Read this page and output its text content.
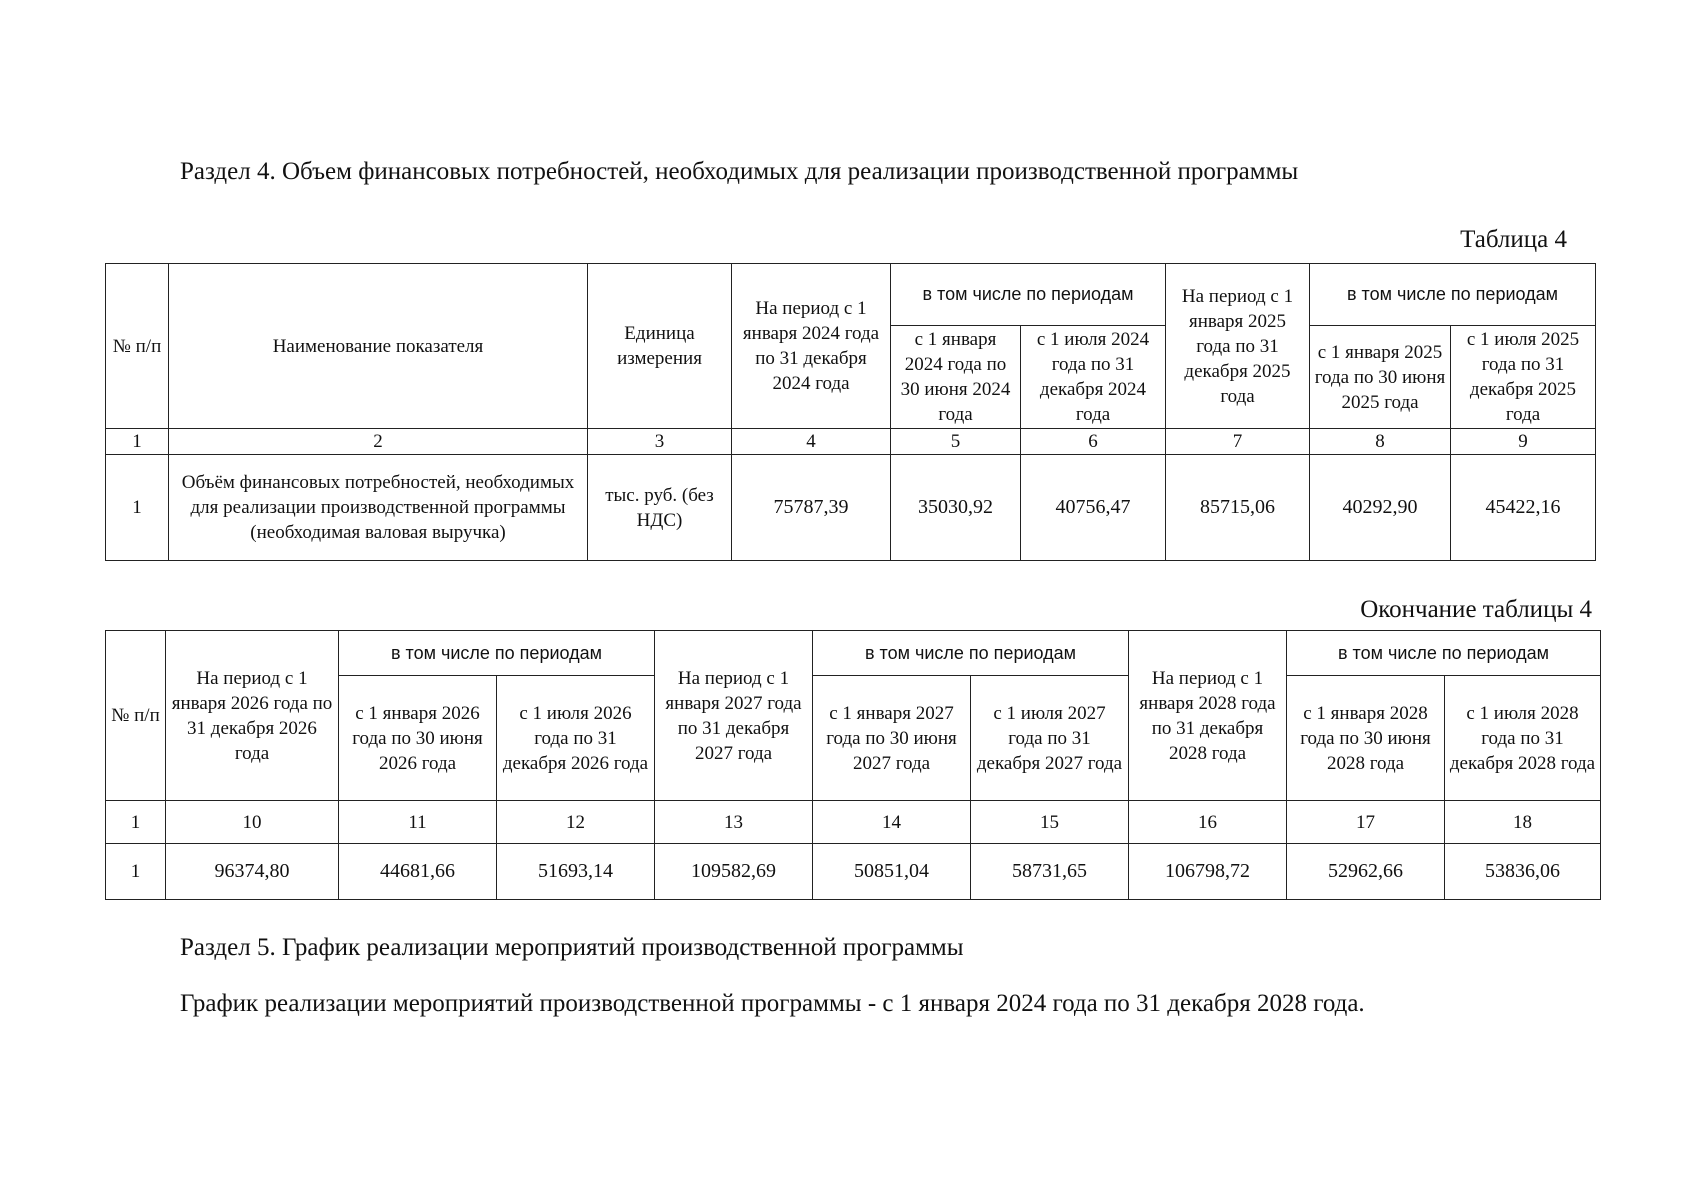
Раздел 4. Объем финансовых потребностей, необходимых для реализации производственной программы
Таблица 4
№ п/п	Наименование показателя	Единица измерения	На период с 1 января 2024 года по 31 декабря 2024 года	в том числе по периодам		На период с 1 января 2025 года по 31 декабря 2025 года	в том числе по периодам	
				с 1 января 2024 года по 30 июня 2024 года	с 1 июля 2024 года по 31 декабря 2024 года		с 1 января 2025 года по 30 июня 2025 года	с 1 июля 2025 года по 31 декабря 2025 года
1	2	3	4	5	6	7	8	9
1	Объём финансовых потребностей, необходимых для реализации производственной программы (необходимая валовая выручка)	тыс. руб. (без НДС)	75787,39	35030,92	40756,47	85715,06	40292,90	45422,16
Окончание таблицы 4
№ п/п	На период с 1 января 2026 года по 31 декабря 2026 года	в том числе по периодам		На период с 1 января 2027 года по 31 декабря 2027 года	в том числе по периодам		На период с 1 января 2028 года по 31 декабря 2028 года	в том числе по периодам	
		с 1 января 2026 года по 30 июня 2026 года	с 1 июля 2026 года по 31 декабря 2026 года		с 1 января 2027 года по 30 июня 2027 года	с 1 июля 2027 года по 31 декабря 2027 года		с 1 января 2028 года по 30 июня 2028 года	с 1 июля 2028 года по 31 декабря 2028 года
1	10	11	12	13	14	15	16	17	18
1	96374,80	44681,66	51693,14	109582,69	50851,04	58731,65	106798,72	52962,66	53836,06
Раздел 5. График реализации мероприятий производственной программы
График реализации мероприятий производственной программы - с 1 января 2024 года по 31 декабря 2028 года.
